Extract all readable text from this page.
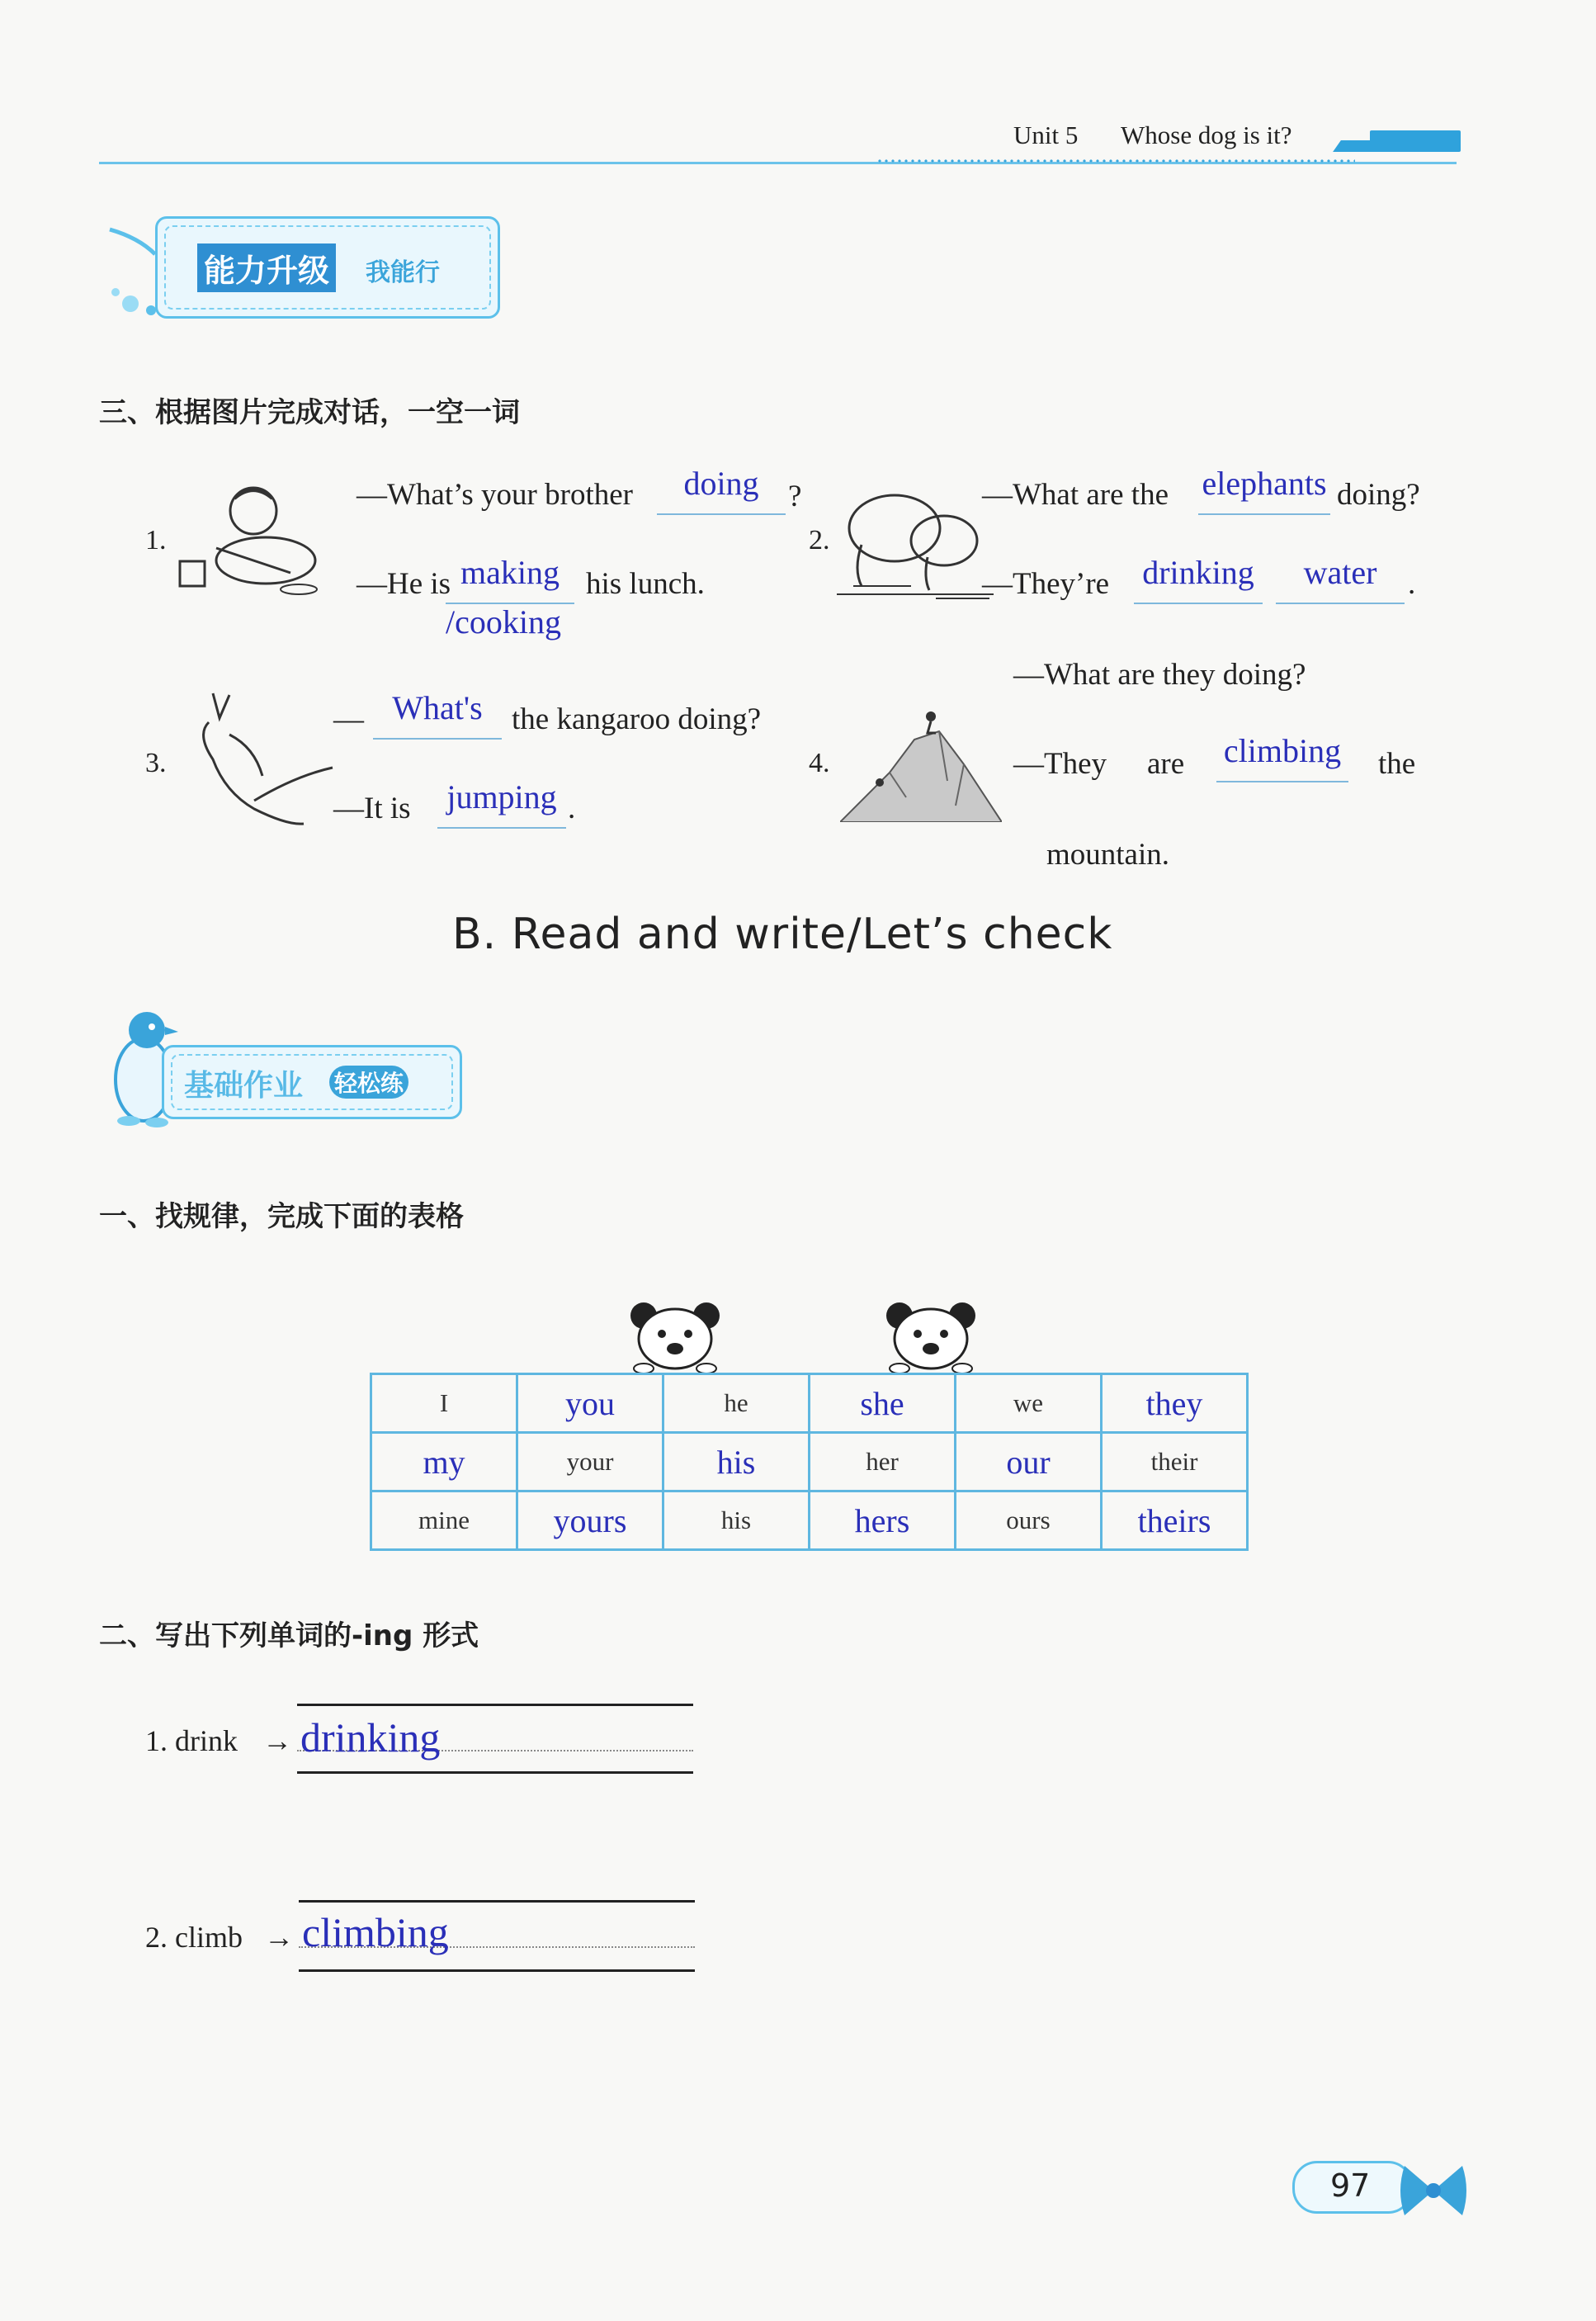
Unit 5 Whose dog is it?
能力升级 我能行
三、根据图片完成对话，一空一词
1.
—What’s your brother	doing ?
—He is making his lunch.
/cooking
2.
—What are the	elephants doing?
—They’re drinking	water	.
—What are they doing?
3.
— What's the kangaroo doing?
—It is jumping .
4.	—They are climbing the
mountain.
B. Read and write/Let’s check
基础作业 轻松练
一、找规律，完成下面的表格
I	you	he	she	we	they
my	your	his	her	our	their
mine	yours	his	hers	ours	theirs
二、写出下列单词的-ing 形式
1. drink → drinking
2. climb → climbing
97
